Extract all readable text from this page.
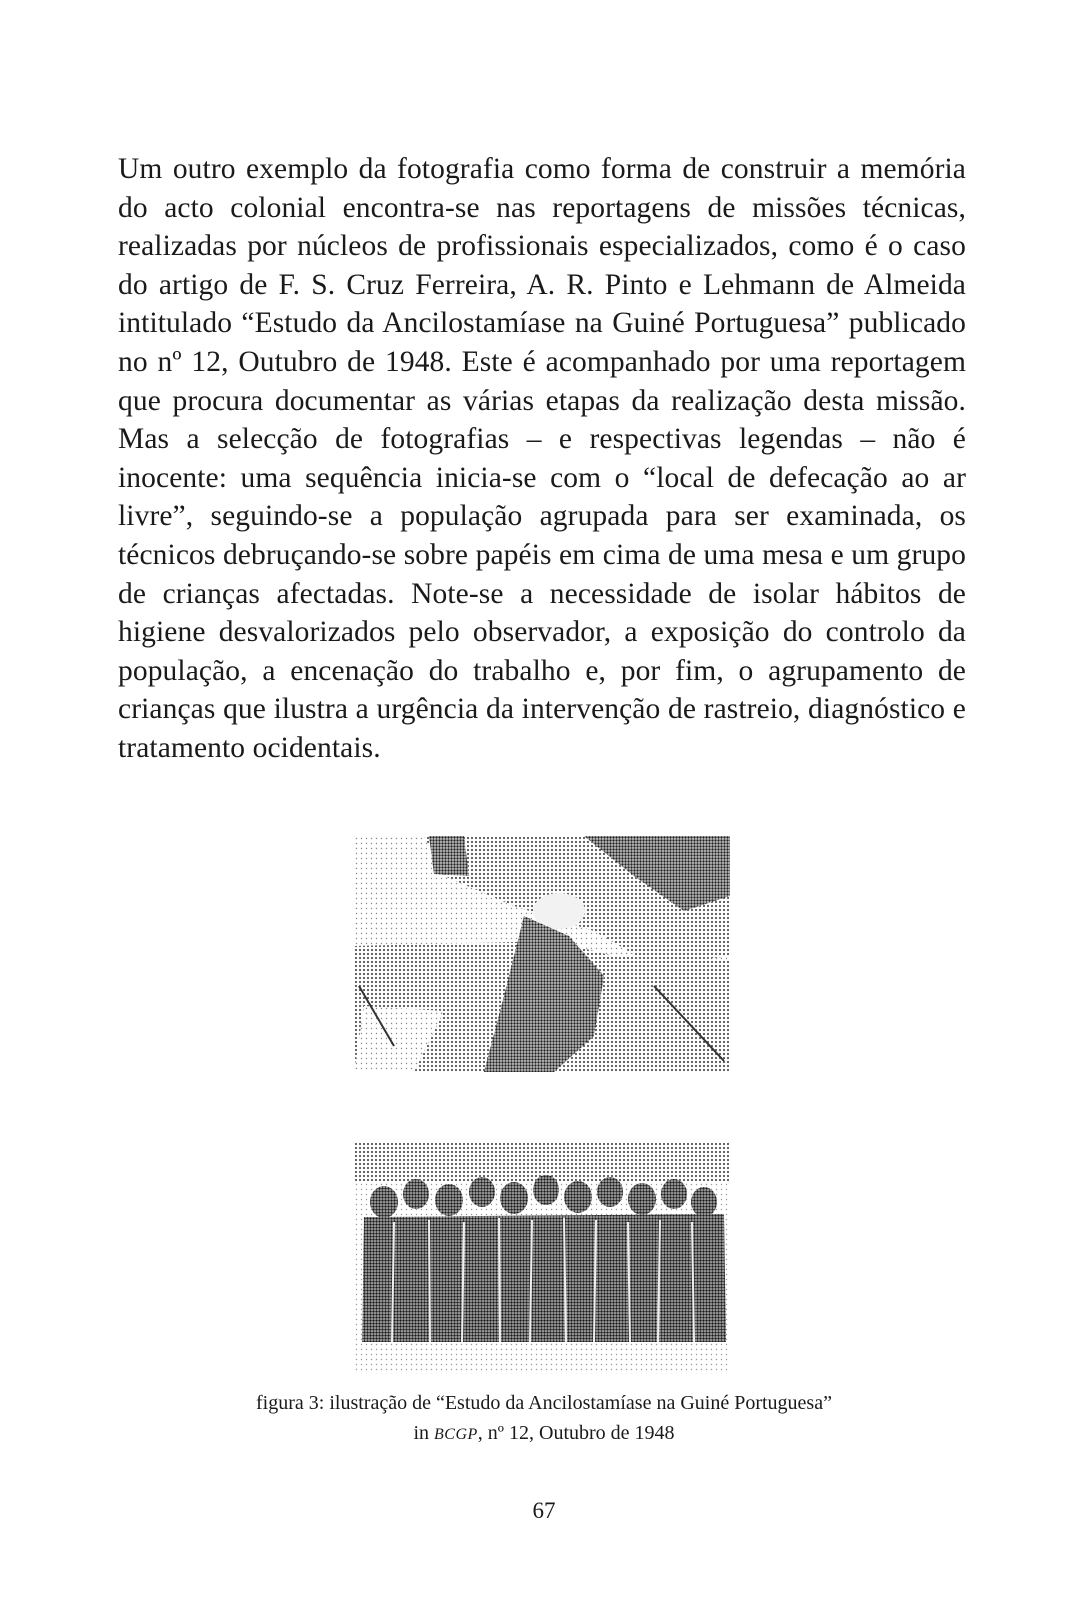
Um outro exemplo da fotografia como forma de construir a memória do acto colonial encontra-se nas reportagens de missões técnicas, realizadas por núcleos de profissionais especializados, como é o caso do artigo de F. S. Cruz Ferreira, A. R. Pinto e Lehmann de Almeida intitulado “Estudo da Ancilostamíase na Guiné Portuguesa” publicado no nº 12, Outubro de 1948. Este é acompanhado por uma reportagem que procura documentar as várias etapas da realização desta missão. Mas a selecção de fotografias – e respectivas legendas – não é inocente: uma sequência inicia-se com o “local de defecação ao ar livre”, seguindo-se a população agrupada para ser examinada, os técnicos debruçando-se sobre papéis em cima de uma mesa e um grupo de crianças afectadas. Note-se a necessidade de isolar hábitos de higiene desvalorizados pelo observador, a exposição do controlo da população, a encenação do trabalho e, por fim, o agrupamento de crianças que ilustra a urgência da intervenção de rastreio, diagnóstico e tratamento ocidentais.

figura 3: ilustração de “Estudo da Ancilostamíase na Guiné Portuguesa”
in BCGP, nº 12, Outubro de 1948
67
